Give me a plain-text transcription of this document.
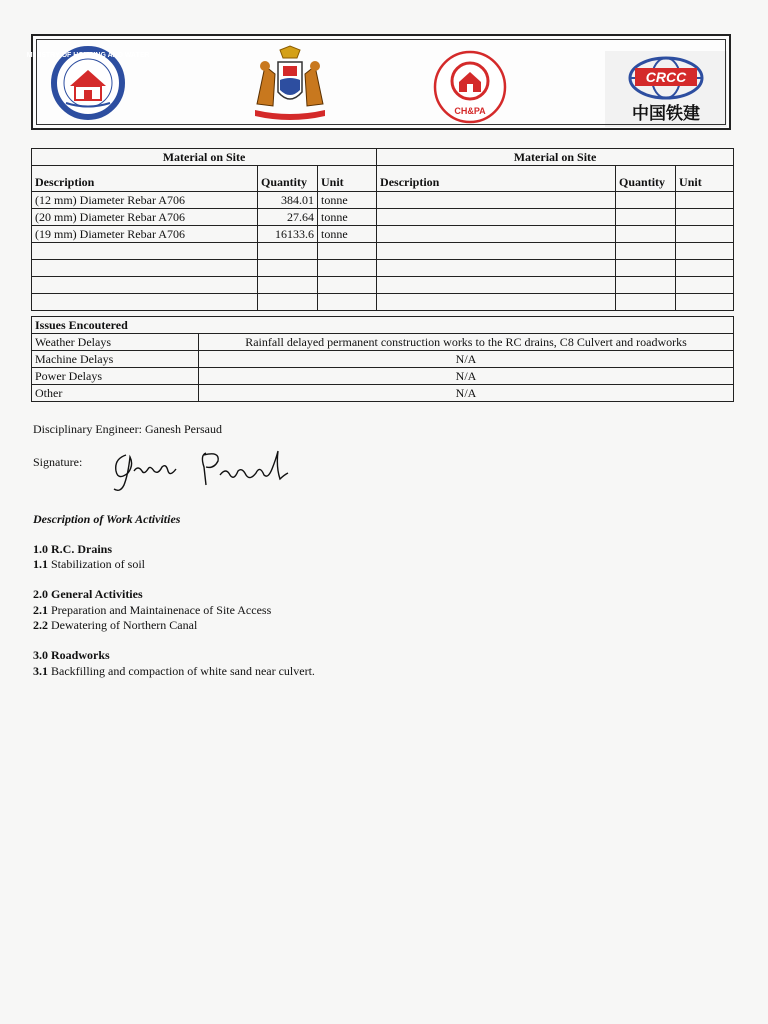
MINISTRY OF HOUSING AND WATER
CH&PA
CRCC
中国铁建
Material on Site			Material on Site		
Description	Quantity	Unit	Description	Quantity	Unit
(12 mm) Diameter Rebar A706	384.01	tonne			
(20 mm) Diameter Rebar A706	27.64	tonne			
(19 mm) Diameter Rebar A706	16133.6	tonne			

Issues Encoutered	
Weather Delays	Rainfall delayed permanent construction works to the RC drains, C8 Culvert and roadworks
Machine Delays	N/A
Power Delays	N/A
Other	N/A
Disciplinary Engineer: Ganesh Persaud
Signature:
Description of Work Activities
1.0 R.C. Drains
1.1 Stabilization of soil
2.0 General Activities
2.1 Preparation and Maintainenace of Site Access
2.2 Dewatering of Northern Canal
3.0 Roadworks
3.1 Backfilling and compaction of white sand near culvert.
